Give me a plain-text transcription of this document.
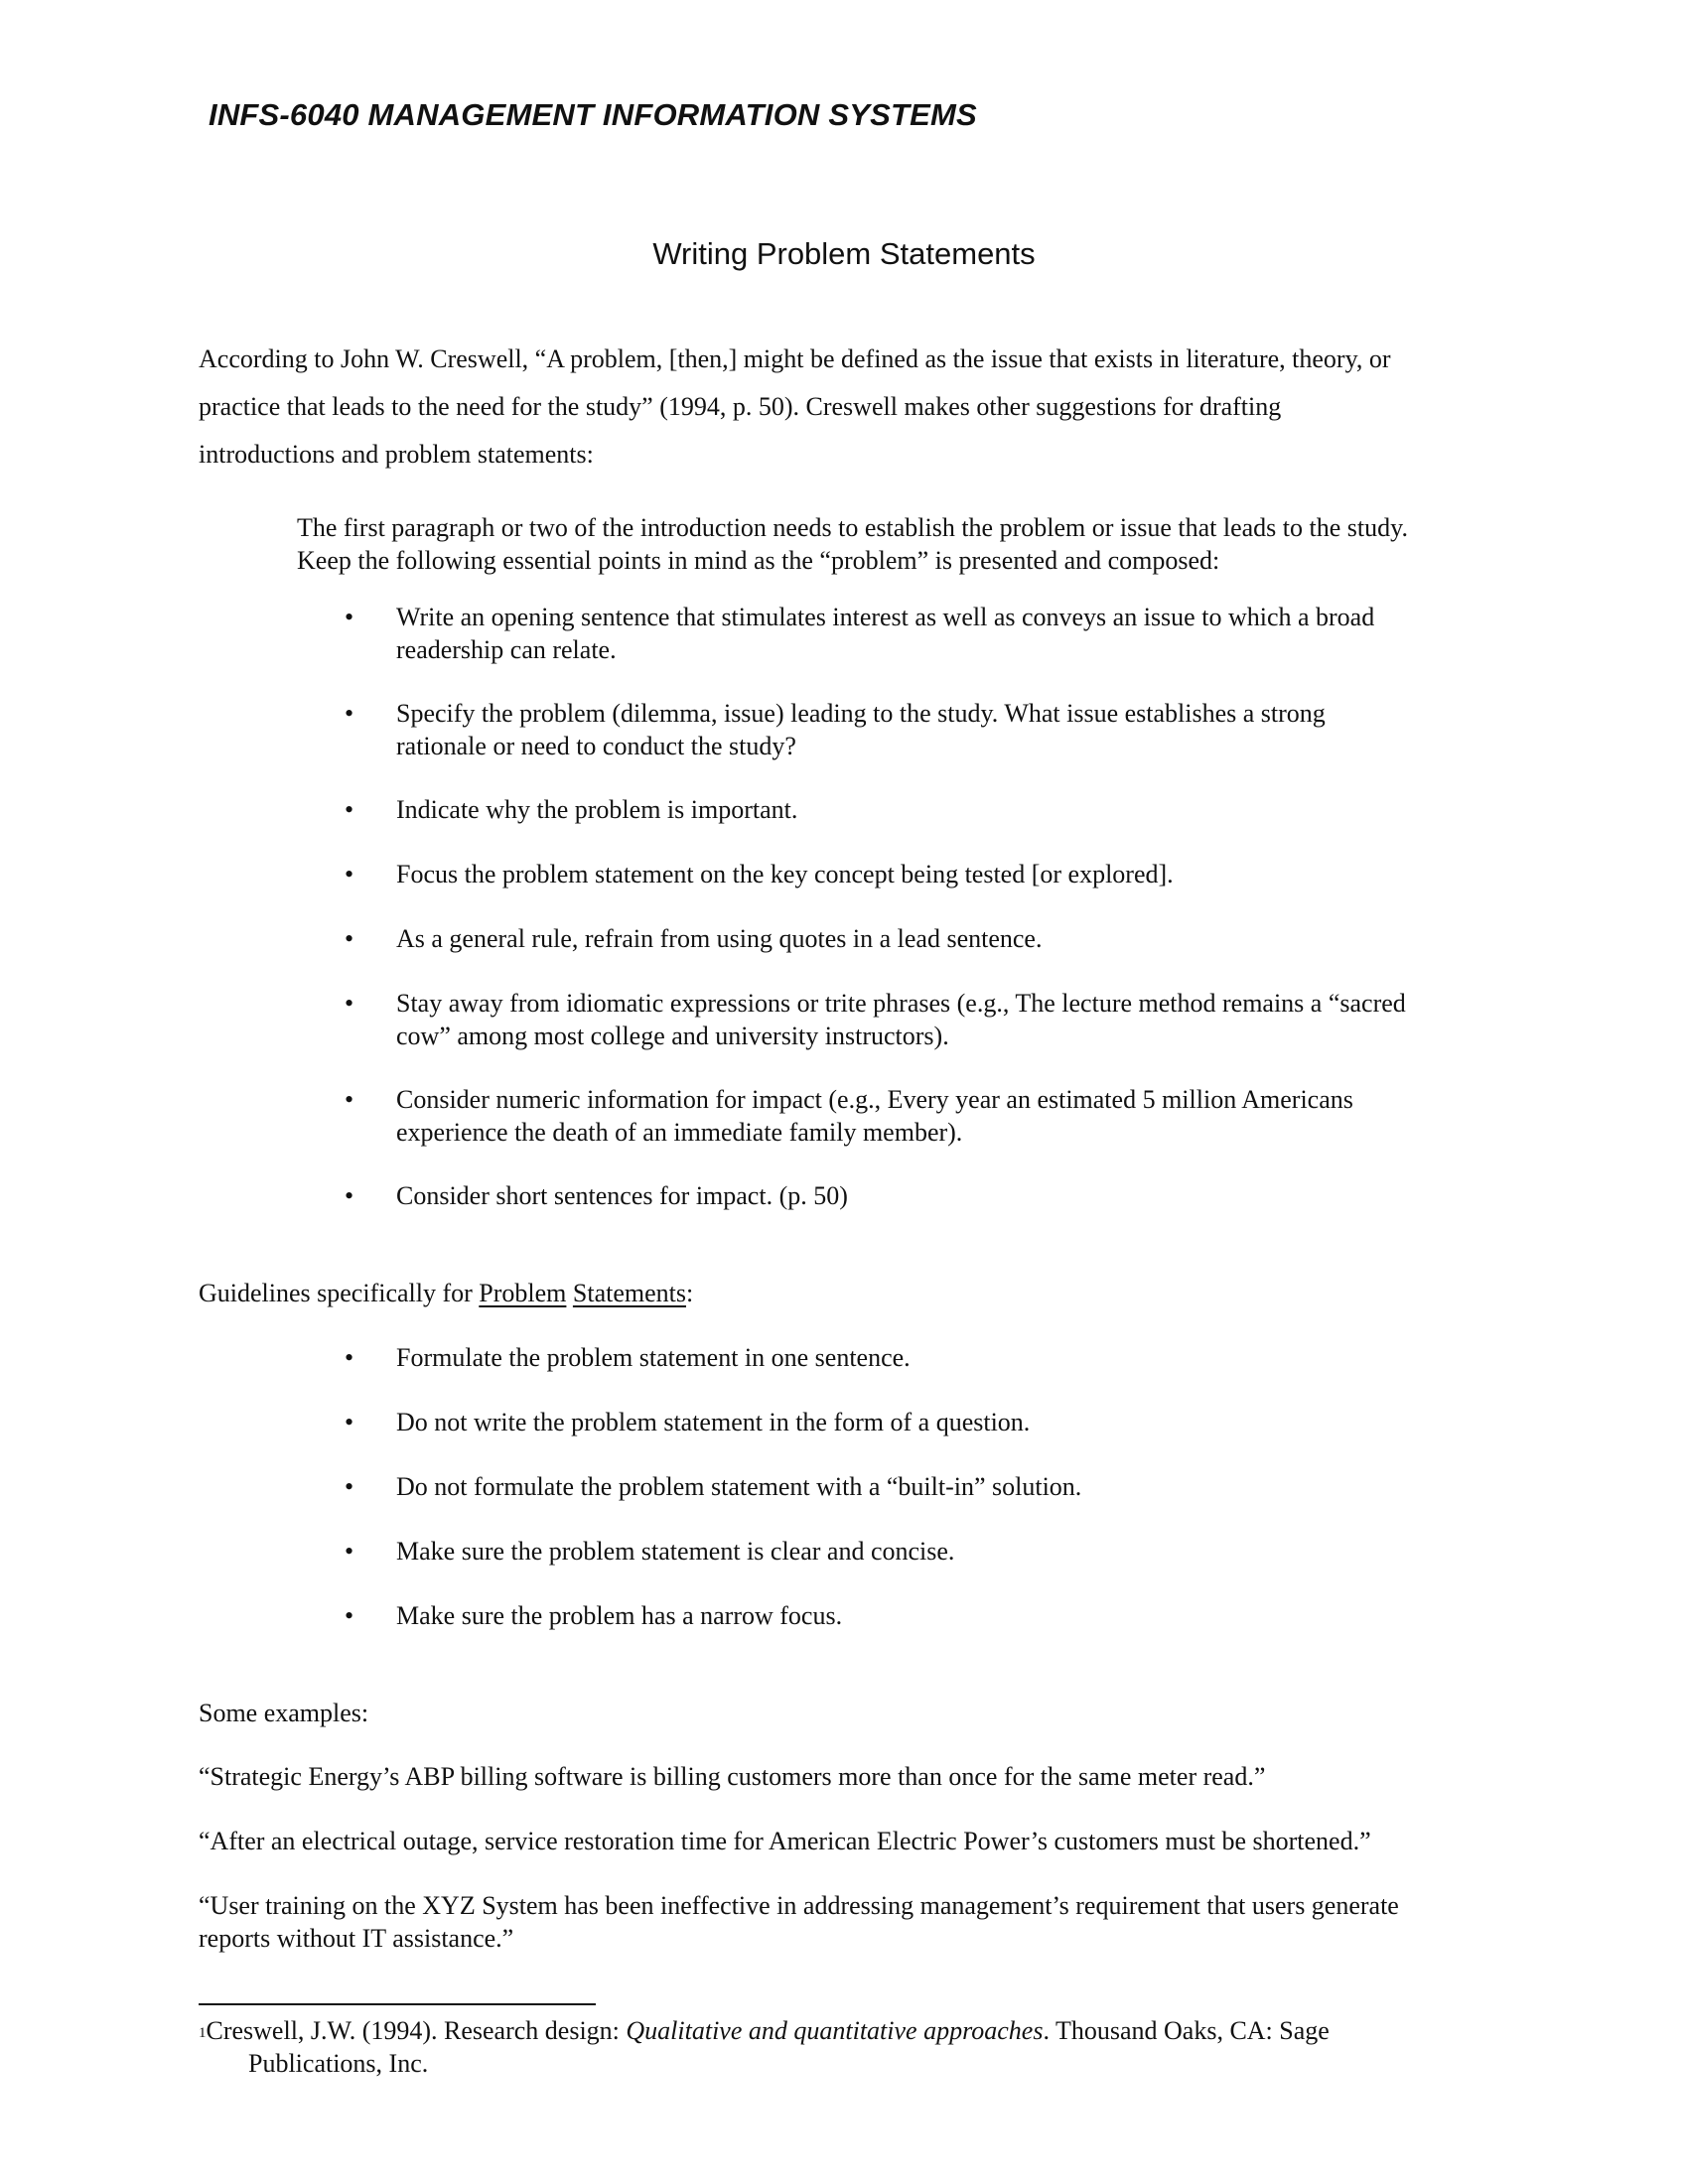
INFS-6040 MANAGEMENT INFORMATION SYSTEMS
Writing Problem Statements
According to John W. Creswell, “A problem, [then,] might be defined as the issue that exists in literature, theory, or
practice that leads to the need for the study” (1994, p. 50). Creswell makes other suggestions for drafting
introductions and problem statements:
The first paragraph or two of the introduction needs to establish the problem or issue that leads to the study.
Keep the following essential points in mind as the “problem” is presented and composed:
• Write an opening sentence that stimulates interest as well as conveys an issue to which a broad
readership can relate.
• Specify the problem (dilemma, issue) leading to the study. What issue establishes a strong
rationale or need to conduct the study?
• Indicate why the problem is important.
• Focus the problem statement on the key concept being tested [or explored].
• As a general rule, refrain from using quotes in a lead sentence.
• Stay away from idiomatic expressions or trite phrases (e.g., The lecture method remains a “sacred
cow” among most college and university instructors).
• Consider numeric information for impact (e.g., Every year an estimated 5 million Americans
experience the death of an immediate family member).
• Consider short sentences for impact. (p. 50)
Guidelines specifically for Problem Statements:
• Formulate the problem statement in one sentence.
• Do not write the problem statement in the form of a question.
• Do not formulate the problem statement with a “built-in” solution.
• Make sure the problem statement is clear and concise.
• Make sure the problem has a narrow focus.
Some examples:
“Strategic Energy’s ABP billing software is billing customers more than once for the same meter read.”
“After an electrical outage, service restoration time for American Electric Power’s customers must be shortened.”
“User training on the XYZ System has been ineffective in addressing management’s requirement that users generate
reports without IT assistance.”
$^1$Creswell, J.W. (1994). Research design: Qualitative and quantitative approaches. Thousand Oaks, CA: Sage
Publications, Inc.
